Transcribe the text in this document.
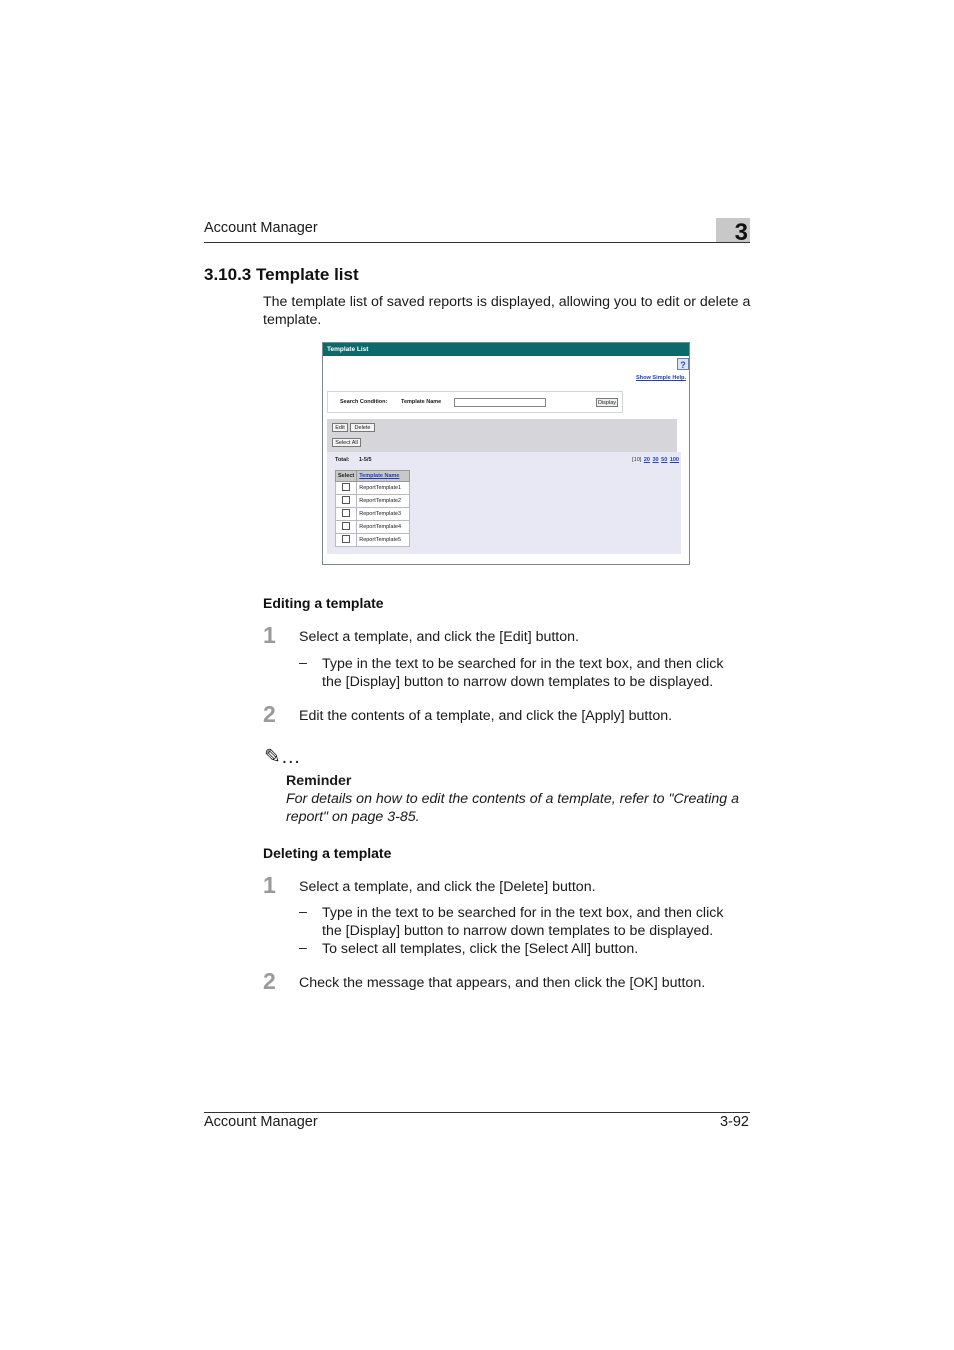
Account Manager	3
3.10.3 Template list
The template list of saved reports is displayed, allowing you to edit or delete a template.
Template List
?
Show Simple Help.
Search Condition: Template Name	Display
Edit	Delete
Select All
Total: 1-5/5	[10] 20 30 50 100
Select	Template Name
	ReportTemplate1
	ReportTemplate2
	ReportTemplate3
	ReportTemplate4
	ReportTemplate5
Editing a template
1 Select a template, and click the [Edit] button.
– Type in the text to be searched for in the text box, and then click the [Display] button to narrow down templates to be displayed.
2 Edit the contents of a template, and click the [Apply] button.
✎…
Reminder
For details on how to edit the contents of a template, refer to "Creating a report" on page 3-85.
Deleting a template
1 Select a template, and click the [Delete] button.
– Type in the text to be searched for in the text box, and then click the [Display] button to narrow down templates to be displayed.
– To select all templates, click the [Select All] button.
2 Check the message that appears, and then click the [OK] button.
Account Manager	3-92
